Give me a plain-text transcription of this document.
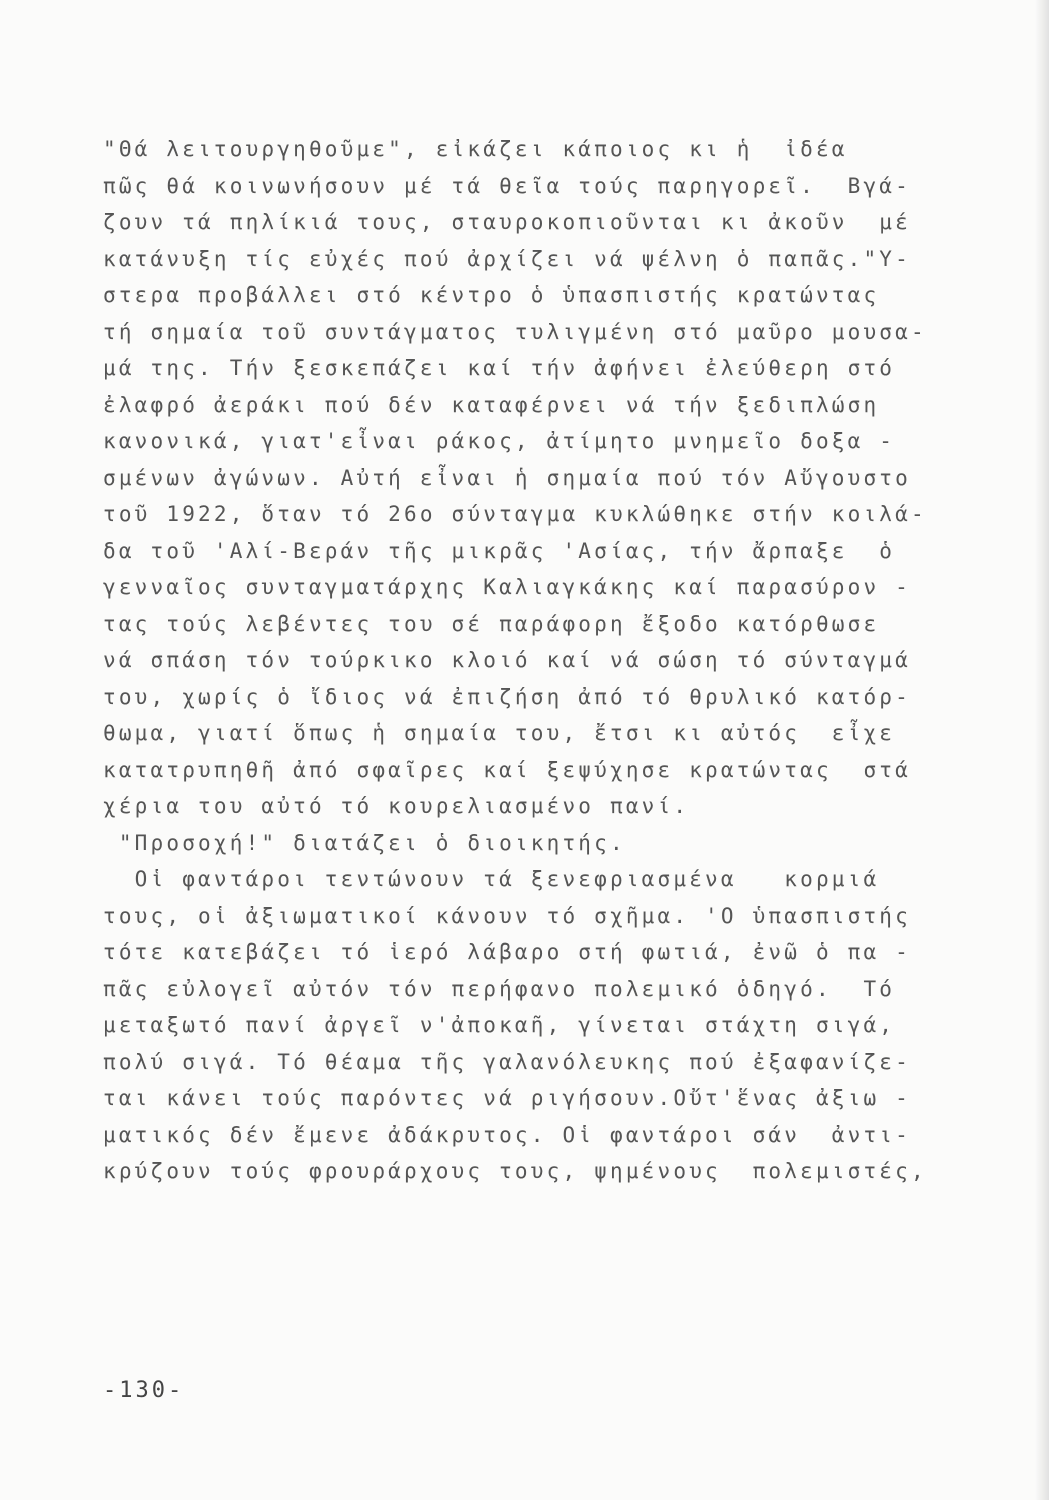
"Θά λειτουργηθοῦμε", εἰκάζει κάποιος κι ἡ  ἰδέα
πῶς θά κοινωνήσουν μέ τά θεῖα τούς παρηγορεῖ.  Βγά-
ζουν τά πηλίκιά τους, σταυροκοπιοῦνται κι ἀκοῦν  μέ
κατάνυξη τίς εὐχές πού ἀρχίζει νά ψέλνη ὁ παπᾶς."Υ-
στερα προβάλλει στό κέντρο ὁ ὑπασπιστής κρατώντας
τή σημαία τοῦ συντάγματος τυλιγμένη στό μαῦρο μουσα-
μά της. Τήν ξεσκεπάζει καί τήν ἀφήνει ἐλεύθερη στό
ἐλαφρό ἀεράκι πού δέν καταφέρνει νά τήν ξεδιπλώση
κανονικά, γιατ'εἶναι ράκος, ἀτίμητο μνημεῖο δοξα -
σμένων ἀγώνων. Αὐτή εἶναι ἡ σημαία πού τόν Αὔγουστο
τοῦ 1922, ὅταν τό 26ο σύνταγμα κυκλώθηκε στήν κοιλά-
δα τοῦ 'Αλί-Βεράν τῆς μικρᾶς 'Ασίας, τήν ἄρπαξε  ὁ
γενναῖος συνταγματάρχης Καλιαγκάκης καί παρασύρον -
τας τούς λεβέντες του σέ παράφορη ἔξοδο κατόρθωσε
νά σπάση τόν τούρκικο κλοιό καί νά σώση τό σύνταγμά
του, χωρίς ὁ ἴδιος νά ἐπιζήση ἀπό τό θρυλικό κατόρ-
θωμα, γιατί ὅπως ἡ σημαία του, ἔτσι κι αὐτός  εἶχε
κατατρυπηθῆ ἀπό σφαῖρες καί ξεψύχησε κρατώντας  στά
χέρια του αὐτό τό κουρελιασμένο πανί.
"Προσοχή!" διατάζει ὁ διοικητής.
Οἱ φαντάροι τεντώνουν τά ξενεφριασμένα   κορμιά
τους, οἱ ἀξιωματικοί κάνουν τό σχῆμα. 'Ο ὑπασπιστής
τότε κατεβάζει τό ἱερό λάβαρο στή φωτιά, ἐνῶ ὁ πα -
πᾶς εὐλογεῖ αὐτόν τόν περήφανο πολεμικό ὁδηγό.  Τό
μεταξωτό πανί ἀργεῖ ν'ἀποκαῆ, γίνεται στάχτη σιγά,
πολύ σιγά. Τό θέαμα τῆς γαλανόλευκης πού ἐξαφανίζε-
ται κάνει τούς παρόντες νά ριγήσουν.Οὔτ'ἕνας ἀξιω -
ματικός δέν ἔμενε ἀδάκρυτος. Οἱ φαντάροι σάν  ἀντι-
κρύζουν τούς φρουράρχους τους, ψημένους  πολεμιστές,
-130-
